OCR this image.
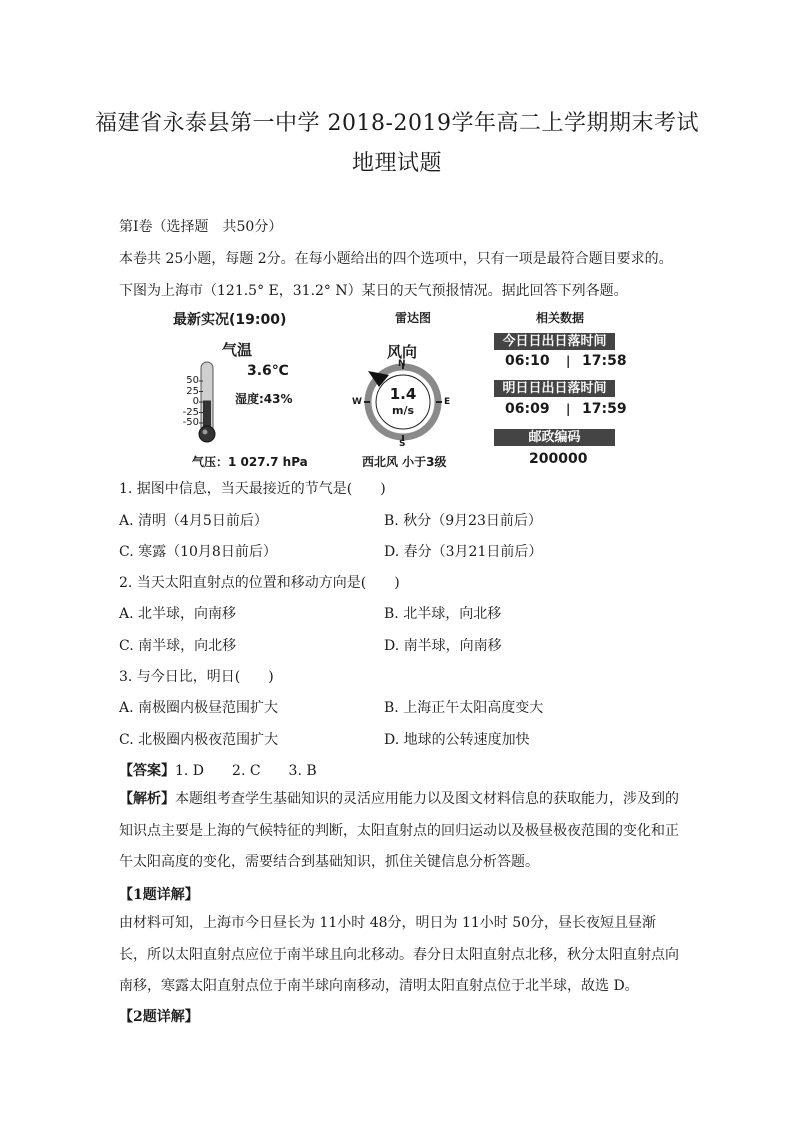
福建省永泰县第一中学 2018-2019学年高二上学期期末考试
地理试题
第Ⅰ卷（选择题　共50分）
本卷共 25小题，每题 2分。在每小题给出的四个选项中，只有一项是最符合题目要求的。
下图为上海市（121.5° E，31.2° N）某日的天气预报情况。据此回答下列各题。
最新实况(19:00)	雷达图	相关数据
气温
3.6℃
湿度:43%
50
25
0
-25
-50
气压：1 027.7 hPa
风向
N
S
W	E
1.4
m/s
西北风 小于3级
今日日出日落时间
06:10 | 17:58
明日日出日落时间
06:09 | 17:59
邮政编码
200000
1. 据图中信息，当天最接近的节气是(　　)
A. 清明（4月5日前后）	B. 秋分（9月23日前后）
C. 寒露（10月8日前后）	D. 春分（3月21日前后）
2. 当天太阳直射点的位置和移动方向是(　　)
A. 北半球，向南移	B. 北半球，向北移
C. 南半球，向北移	D. 南半球，向南移
3. 与今日比，明日(　　)
A. 南极圈内极昼范围扩大	B. 上海正午太阳高度变大
C. 北极圈内极夜范围扩大	D. 地球的公转速度加快
【答案】1. D　　2. C　　3. B
【解析】本题组考查学生基础知识的灵活应用能力以及图文材料信息的获取能力，涉及到的知识点主要是上海的气候特征的判断，太阳直射点的回归运动以及极昼极夜范围的变化和正午太阳高度的变化，需要结合到基础知识，抓住关键信息分析答题。
【1题详解】
由材料可知，上海市今日昼长为 11小时 48分，明日为 11小时 50分，昼长夜短且昼渐长，所以太阳直射点应位于南半球且向北移动。春分日太阳直射点北移，秋分太阳直射点向南移，寒露太阳直射点位于南半球向南移动，清明太阳直射点位于北半球，故选 D。
【2题详解】
